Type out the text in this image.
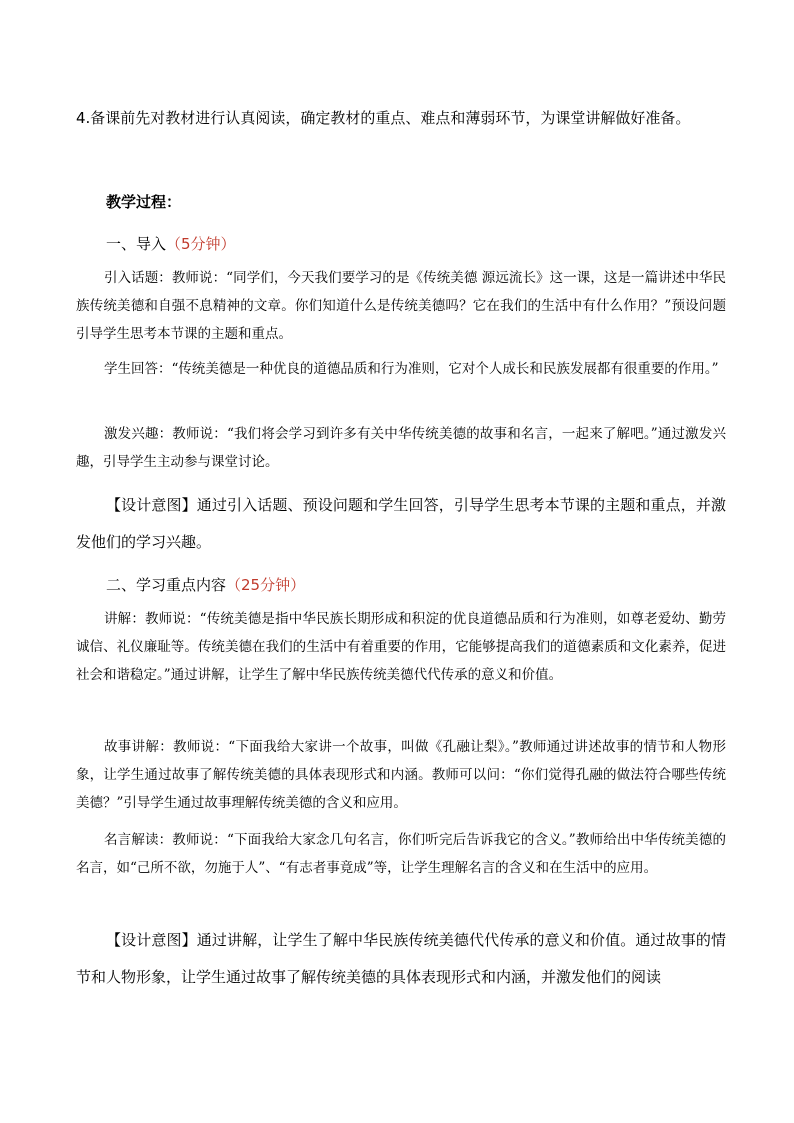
4.备课前先对教材进行认真阅读，确定教材的重点、难点和薄弱环节，为课堂讲解做好准备。

教学过程：

一、导入（5分钟）

引入话题：教师说：“同学们，今天我们要学习的是《传统美德 源远流长》这一课，这是一篇讲述中华民族传统美德和自强不息精神的文章。你们知道什么是传统美德吗？它在我们的生活中有什么作用？”预设问题引导学生思考本节课的主题和重点。

学生回答：“传统美德是一种优良的道德品质和行为准则，它对个人成长和民族发展都有很重要的作用。”

激发兴趣：教师说：“我们将会学习到许多有关中华传统美德的故事和名言，一起来了解吧。”通过激发兴趣，引导学生主动参与课堂讨论。

【设计意图】通过引入话题、预设问题和学生回答，引导学生思考本节课的主题和重点，并激发他们的学习兴趣。

二、学习重点内容（25分钟）

讲解：教师说：“传统美德是指中华民族长期形成和积淀的优良道德品质和行为准则，如尊老爱幼、勤劳诚信、礼仪廉耻等。传统美德在我们的生活中有着重要的作用，它能够提高我们的道德素质和文化素养，促进社会和谐稳定。”通过讲解，让学生了解中华民族传统美德代代传承的意义和价值。

故事讲解：教师说：“下面我给大家讲一个故事，叫做《孔融让梨》。”教师通过讲述故事的情节和人物形象，让学生通过故事了解传统美德的具体表现形式和内涵。教师可以问：“你们觉得孔融的做法符合哪些传统美德？”引导学生通过故事理解传统美德的含义和应用。

名言解读：教师说：“下面我给大家念几句名言，你们听完后告诉我它的含义。”教师给出中华传统美德的名言，如“己所不欲，勿施于人”、“有志者事竟成”等，让学生理解名言的含义和在生活中的应用。

【设计意图】通过讲解，让学生了解中华民族传统美德代代传承的意义和价值。通过故事的情节和人物形象，让学生通过故事了解传统美德的具体表现形式和内涵，并激发他们的阅读
